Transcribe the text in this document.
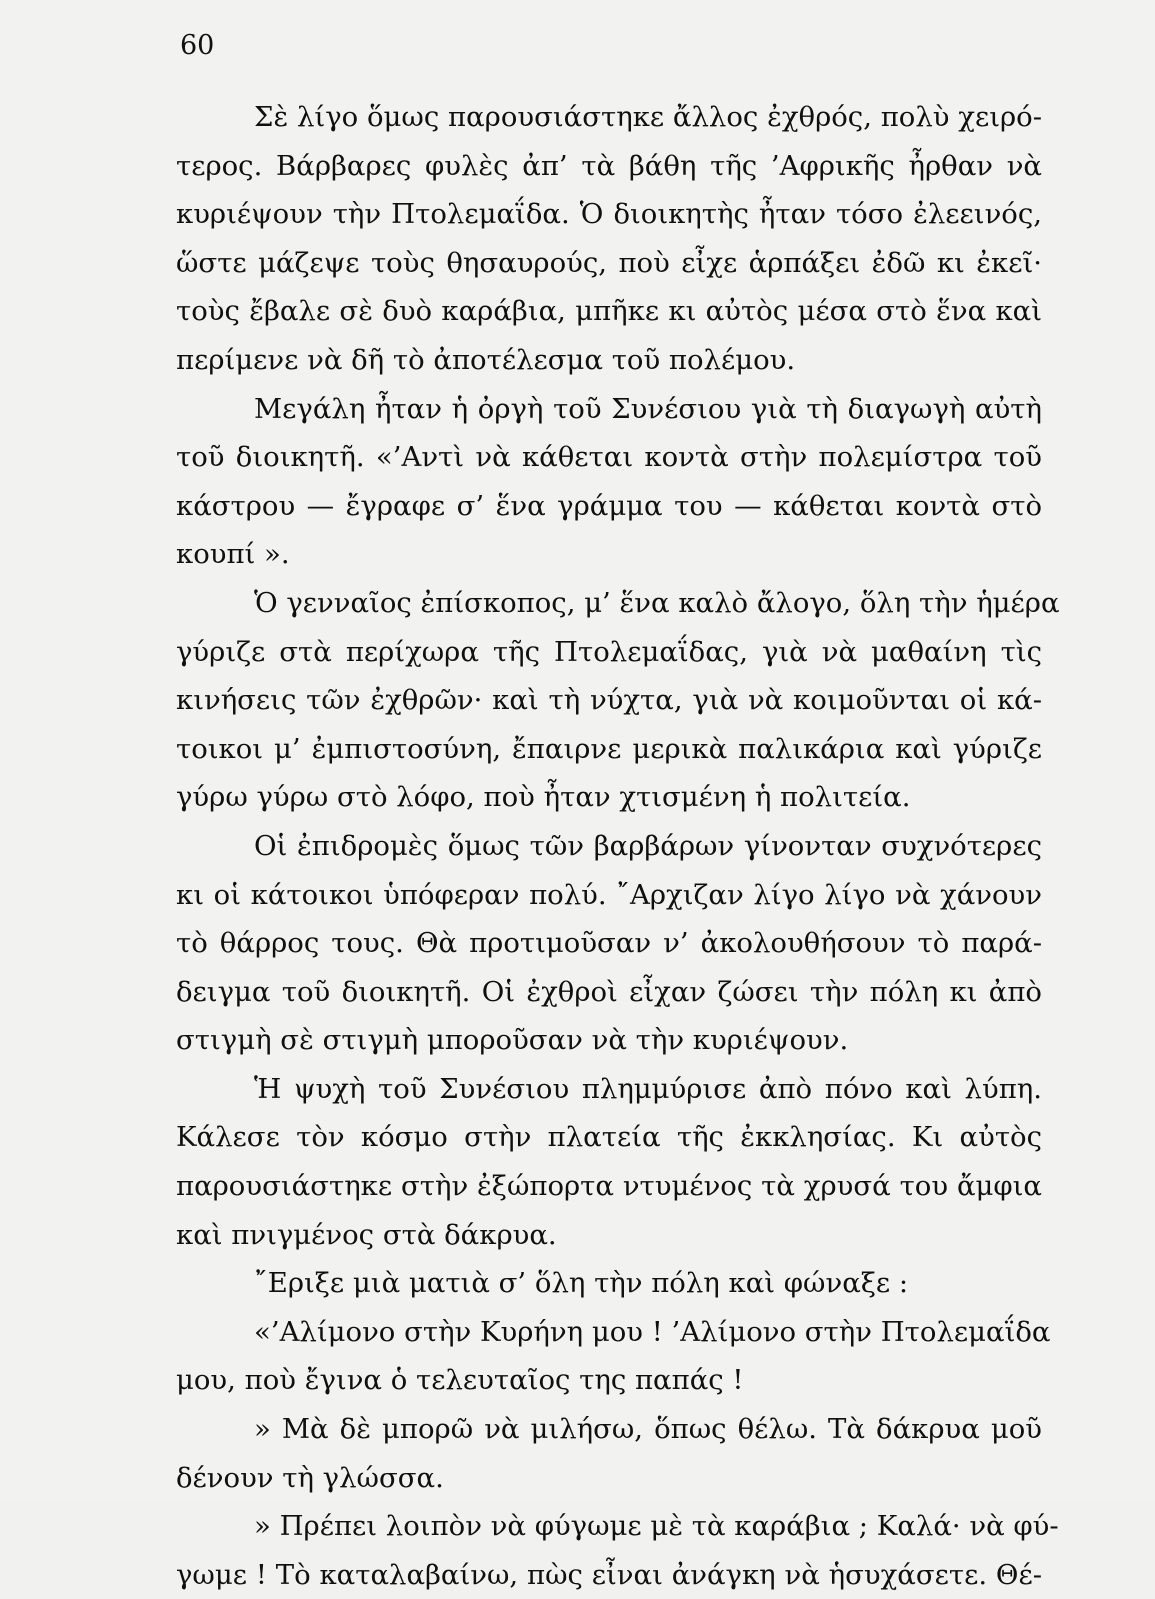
60
Σὲ λίγο ὅμως παρουσιάστηκε ἄλλος ἐχθρός, πολὺ χειρό-
τερος. Βάρβαρες φυλὲς ἀπ’ τὰ βάθη τῆς ’Αφρικῆς ἦρθαν νὰ
κυριέψουν τὴν Πτολεμαΐδα. Ὁ διοικητὴς ἦταν τόσο ἐλεεινός,
ὥστε μάζεψε τοὺς θησαυρούς, ποὺ εἶχε ἁρπάξει ἐδῶ κι ἐκεῖ·
τοὺς ἔβαλε σὲ δυὸ καράβια, μπῆκε κι αὐτὸς μέσα στὸ ἕνα καὶ
περίμενε νὰ δῆ τὸ ἀποτέλεσμα τοῦ πολέμου.
Μεγάλη ἦταν ἡ ὀργὴ τοῦ Συνέσιου γιὰ τὴ διαγωγὴ αὐτὴ
τοῦ διοικητῆ. «’Αντὶ νὰ κάθεται κοντὰ στὴν πολεμίστρα τοῦ
κάστρου — ἔγραφε σ’ ἕνα γράμμα του — κάθεται κοντὰ στὸ
κουπί ».
Ὁ γενναῖος ἐπίσκοπος, μ’ ἕνα καλὸ ἄλογο, ὅλη τὴν ἡμέρα
γύριζε στὰ περίχωρα τῆς Πτολεμαΐδας, γιὰ νὰ μαθαίνη τὶς
κινήσεις τῶν ἐχθρῶν· καὶ τὴ νύχτα, γιὰ νὰ κοιμοῦνται οἱ κά-
τοικοι μ’ ἐμπιστοσύνη, ἔπαιρνε μερικὰ παλικάρια καὶ γύριζε
γύρω γύρω στὸ λόφο, ποὺ ἦταν χτισμένη ἡ πολιτεία.
Οἱ ἐπιδρομὲς ὅμως τῶν βαρβάρων γίνονταν συχνότερες
κι οἱ κάτοικοι ὑπόφεραν πολύ. ῎Αρχιζαν λίγο λίγο νὰ χάνουν
τὸ θάρρος τους. Θὰ προτιμοῦσαν ν’ ἀκολουθήσουν τὸ παρά-
δειγμα τοῦ διοικητῆ. Οἱ ἐχθροὶ εἶχαν ζώσει τὴν πόλη κι ἀπὸ
στιγμὴ σὲ στιγμὴ μποροῦσαν νὰ τὴν κυριέψουν.
Ἡ ψυχὴ τοῦ Συνέσιου πλημμύρισε ἀπὸ πόνο καὶ λύπη.
Κάλεσε τὸν κόσμο στὴν πλατεία τῆς ἐκκλησίας. Κι αὐτὸς
παρουσιάστηκε στὴν ἐξώπορτα ντυμένος τὰ χρυσά του ἄμφια
καὶ πνιγμένος στὰ δάκρυα.
῎Εριξε μιὰ ματιὰ σ’ ὅλη τὴν πόλη καὶ φώναξε :
«’Αλίμονο στὴν Κυρήνη μου ! ’Αλίμονο στὴν Πτολεμαΐδα
μου, ποὺ ἔγινα ὁ τελευταῖος της παπάς !
» Μὰ δὲ μπορῶ νὰ μιλήσω, ὅπως θέλω. Τὰ δάκρυα μοῦ
δένουν τὴ γλώσσα.
» Πρέπει λοιπὸν νὰ φύγωμε μὲ τὰ καράβια ; Καλά· νὰ φύ-
γωμε ! Τὸ καταλαβαίνω, πὼς εἶναι ἀνάγκη νὰ ἡσυχάσετε. Θέ-
